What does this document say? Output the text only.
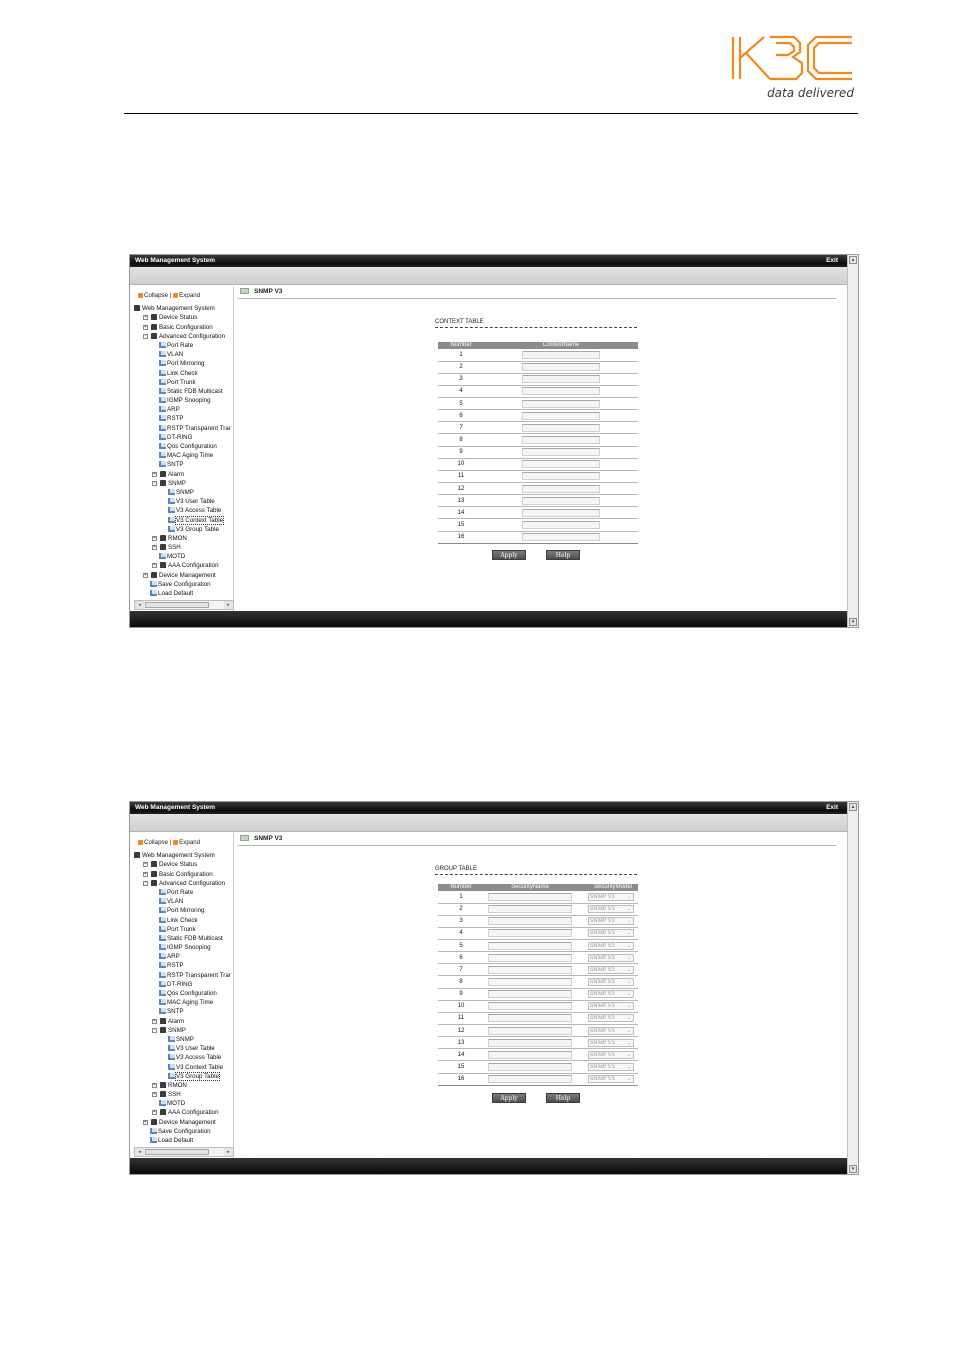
data delivered
Web Management System	Exit
Collapse | Expand
Web Management System
+ Device Status
+ Basic Configuration
- Advanced Configuration
Port Rate
VLAN
Port Mirroring
Link Check
Port Trunk
Static FDB Multicast
IGMP Snooping
ARP
RSTP
RSTP Transparent Trar
DT-RING
Qos Configuration
MAC Aging Time
SNTP
+ Alarm
- SNMP
SNMP
V3 User Table
V3 Access Table
V3 Context Table
V3 Group Table
+ RMON
+ SSH
MOTD
+ AAA Configuration
+ Device Management
Save Configuration
Load Default
◂	▸
SNMP V3
CONTEXT TABLE
Number	ContextName
1	

2	

3	

4	

5	

6	

7	

8	

9	

10	

11	

12	

13	

14	

15	

16	
Apply	Help
▴
▾
Web Management System	Exit
Collapse | Expand
Web Management System
+ Device Status
+ Basic Configuration
- Advanced Configuration
Port Rate
VLAN
Port Mirroring
Link Check
Port Trunk
Static FDB Multicast
IGMP Snooping
ARP
RSTP
RSTP Transparent Trar
DT-RING
Qos Configuration
MAC Aging Time
SNTP
+ Alarm
- SNMP
SNMP
V3 User Table
V3 Access Table
V3 Context Table
V3 Group Table
+ RMON
+ SSH
MOTD
+ AAA Configuration
+ Device Management
Save Configuration
Load Default
◂	▸
SNMP V3
GROUP TABLE
Number	SecurityName		SecurityModel
1			SNMP V3 ⌄

2			SNMP V3 ⌄

3			SNMP V3 ⌄

4			SNMP V3 ⌄

5			SNMP V3 ⌄

6			SNMP V3 ⌄

7			SNMP V3 ⌄

8			SNMP V3 ⌄

9			SNMP V3 ⌄

10			SNMP V3 ⌄

11			SNMP V3 ⌄

12			SNMP V3 ⌄

13			SNMP V3 ⌄

14			SNMP V3 ⌄

15			SNMP V3 ⌄

16			SNMP V3 ⌄
Apply	Help
▴
▾
